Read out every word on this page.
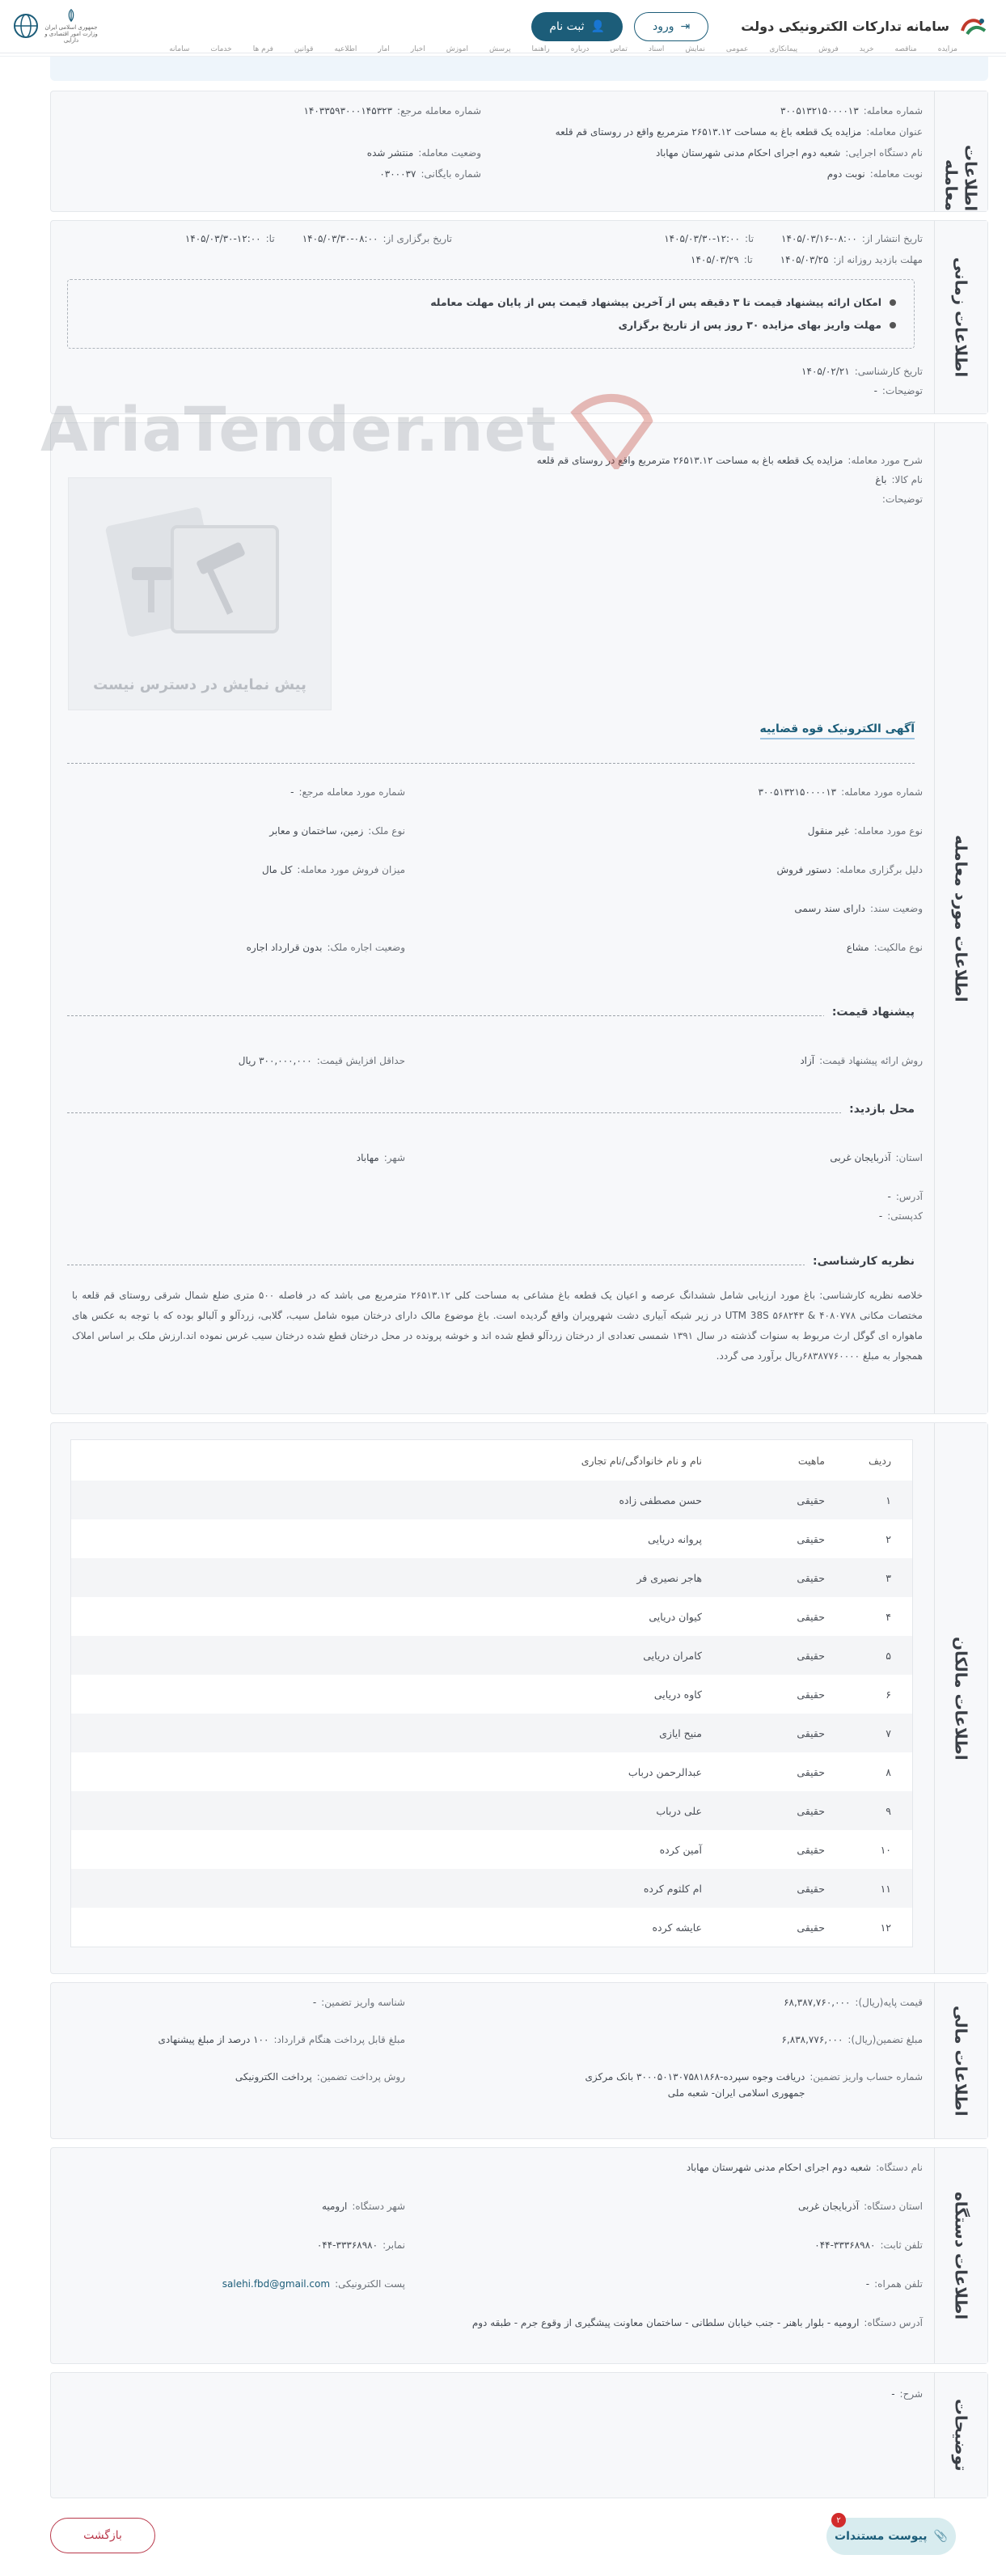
سامانه تدارکات الکترونیکی دولت
⇥
ورود
👤
ثبت نام
جمهوری اسلامی ایران وزارت امور اقتصادی و دارایی
مزایده
مناقصه
خرید
فروش
پیمانکاری
عمومی
نمایش
اسناد
تماس
درباره
راهنما
پرسش
آموزش
اخبار
آمار
اطلاعیه
قوانین
فرم ها
خدمات
سامانه
اطلاعات معامله
شماره معامله:
۳۰۰۵۱۳۲۱۵۰۰۰۰۱۳
شماره معامله مرجع:
۱۴۰۳۳۵۹۳۰۰۰۱۴۵۳۲۳
عنوان معامله:
مزایده یک قطعه باغ به مساحت ۲۶۵۱۳.۱۲ مترمربع واقع در روستای قم قلعه
نام دستگاه اجرایی:
شعبه دوم اجرای احکام مدنی شهرستان مهاباد
وضعیت معامله:
منتشر شده
نوبت معامله:
نوبت دوم
شماره بایگانی:
۰۳۰۰۰۳۷
اطلاعات زمانی
تاریخ انتشار از:
۱۴۰۵/۰۳/۱۶-۰۸:۰۰
تا:
۱۴۰۵/۰۳/۳۰-۱۲:۰۰
تاریخ برگزاری از:
۱۴۰۵/۰۳/۳۰-۰۸:۰۰
تا:
۱۴۰۵/۰۳/۳۰-۱۲:۰۰
مهلت بازدید روزانه از:
۱۴۰۵/۰۳/۲۵
تا:
۱۴۰۵/۰۳/۲۹
امکان ارائه پیشنهاد قیمت تا ۳ دقیقه پس از آخرین پیشنهاد قیمت پس از پایان مهلت معامله
مهلت واریز بهای مزایده ۳۰ روز پس از تاریخ برگزاری
تاریخ کارشناسی:
۱۴۰۵/۰۲/۲۱
توضیحات:
-
اطلاعات مورد معامله
شرح مورد معامله:
مزایده یک قطعه باغ به مساحت ۲۶۵۱۳.۱۲ مترمربع واقع در روستای قم قلعه
نام کالا:
باغ
توضیحات:
آگهی الکترونیک قوه قضاییه
شماره مورد معامله:
۳۰۰۵۱۳۲۱۵۰۰۰۰۱۳
شماره مورد معامله مرجع:
-
نوع مورد معامله:
غیر منقول
نوع ملک:
زمین، ساختمان و معابر
دلیل برگزاری معامله:
دستور فروش
میزان فروش مورد معامله:
کل مال
وضعیت سند:
دارای سند رسمی
نوع مالکیت:
مشاع
وضعیت اجاره ملک:
بدون قرارداد اجاره
پیشنهاد قیمت:
روش ارائه پیشنهاد قیمت:
آزاد
حداقل افزایش قیمت:
۳۰۰,۰۰۰,۰۰۰ ریال
محل بازدید:
استان:
آذربایجان غربی
شهر:
مهاباد
آدرس:
-
کدپستی:
-
نظریه کارشناسی:
خلاصه نظریه کارشناسی: باغ مورد ارزیابی شامل ششدانگ عرصه و اعیان یک قطعه باغ مشاعی به مساحت کلی ۲۶۵۱۳.۱۲ مترمربع می باشد که در فاصله ۵۰۰ متری ضلع شمال شرقی روستای قم قلعه با مختصات مکانی ۴۰۸۰۷۷۸ & ۵۶۸۲۴۳ UTM 38S در زیر شبکه آبیاری دشت شهرویران واقع گردیده است. باغ موضوع مالک دارای درختان میوه شامل سیب، گلابی، زردآلو و آلبالو بوده که با توجه به عکس های ماهواره ای گوگل ارث مربوط به سنوات گذشته در سال ۱۳۹۱ شمسی تعدادی از درختان زردآلو قطع شده اند و خوشه پرونده در محل درختان قطع شده درختان سیب غرس نموده اند.ارزش ملک بر اساس املاک همجوار به مبلغ ۶۸۳۸۷۷۶۰۰۰۰ریال برآورد می گردد.
AriaTender.net
پیش نمایش در دسترس نیست
اطلاعات مالکان
ردیف
ماهیت
نام و نام خانوادگی/نام تجاری
۱
حقیقی
حسن مصطفی زاده
۲
حقیقی
پروانه دریایی
۳
حقیقی
هاجر نصیری فر
۴
حقیقی
کیوان دریایی
۵
حقیقی
کامران دریایی
۶
حقیقی
کاوه دریایی
۷
حقیقی
منیح ایازی
۸
حقیقی
عبدالرحمن درباب
۹
حقیقی
علی درباب
۱۰
حقیقی
آمین کرده
۱۱
حقیقی
ام کلثوم کرده
۱۲
حقیقی
عایشه کرده
اطلاعات مالی
قیمت پایه(ریال):
۶۸,۳۸۷,۷۶۰,۰۰۰
شناسه واریز تضمین:
-
مبلغ تضمین(ریال):
۶,۸۳۸,۷۷۶,۰۰۰
مبلغ قابل پرداخت هنگام قرارداد:
۱۰۰ درصد از مبلغ پیشنهادی
شماره حساب واریز تضمین:
دریافت وجوه سپرده-۳۰۰۰۵۰۱۳۰۷۵۸۱۸۶۸ بانک مرکزی جمهوری اسلامی ایران- شعبه ملی
روش پرداخت تضمین:
پرداخت الکترونیکی
اطلاعات دستگاه
نام دستگاه:
شعبه دوم اجرای احکام مدنی شهرستان مهاباد
استان دستگاه:
آذربایجان غربی
شهر دستگاه:
ارومیه
تلفن ثابت:
۰۴۴-۳۳۳۶۸۹۸۰
نمابر:
۰۴۴-۳۳۳۶۸۹۸۰
تلفن همراه:
-
پست الکترونیکی:
salehi.fbd@gmail.com
آدرس دستگاه:
ارومیه - بلوار باهنر - جنب خیابان سلطانی - ساختمان معاونت پیشگیری از وقوع جرم - طبقه دوم
توضیحات
شرح:
-
📎
پیوست مستندات
۲
بازگشت
